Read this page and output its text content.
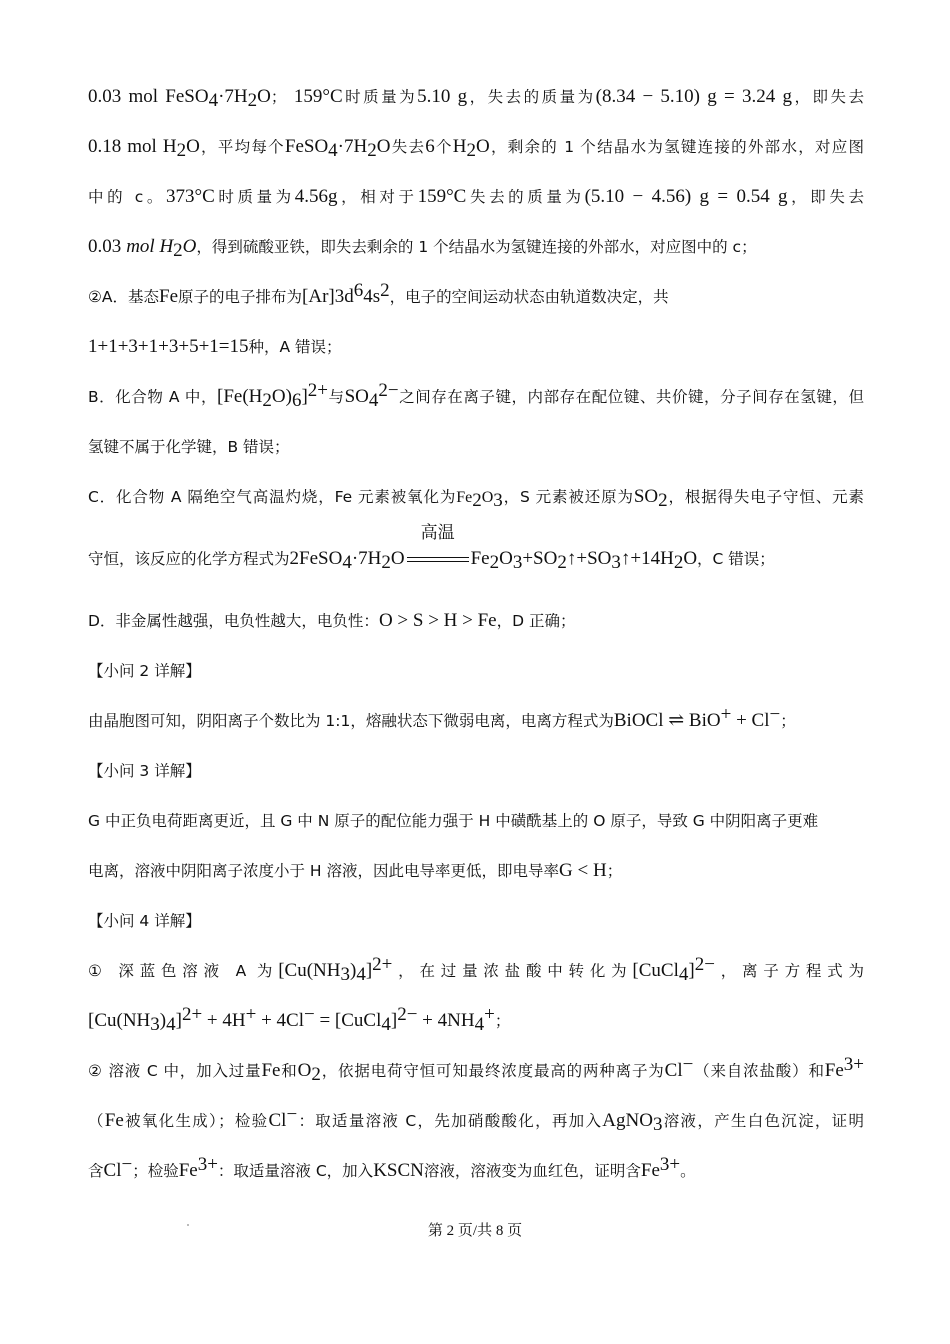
0.03 mol $FeSO_4\cdot 7H_2O$； 159°C时质量为5.10 g，失去的质量为(8.34 − 5.10) g = 3.24 g，即失去
0.18 mol $H_2O$，平均每个$FeSO_4\cdot 7H_2O$失去6个$H_2O$，剩余的 1 个结晶水为氢键连接的外部水，对应图
中的 c。373°C时质量为4.56g，相对于159°C失去的质量为(5.10 − 4.56) g = 0.54 g，即失去
0.03 mol $H_2O$，得到硫酸亚铁，即失去剩余的 1 个结晶水为氢键连接的外部水，对应图中的 c；
②A．基态Fe原子的电子排布为$[Ar]3d^64s^2$，电子的空间运动状态由轨道数决定，共
1+1+3+1+3+5+1=15种，A 错误；
B．化合物 A 中，$[Fe(H_2O)_6]^{2+}$与$SO_4^{2-}$之间存在离子键，内部存在配位键、共价键，分子间存在氢键，但
氢键不属于化学键，B 错误；
C．化合物 A 隔绝空气高温灼烧，Fe 元素被氧化为$Fe_2O_3$，S 元素被还原为$SO_2$，根据得失电子守恒、元素
守恒，该反应的化学方程式为$2FeSO_4\cdot 7H_2O$
高温
$Fe_2O_3+SO_2↑+SO_3↑+14H_2O$，C 错误；
D．非金属性越强，电负性越大，电负性：O > S > H > Fe，D 正确；
【小问 2 详解】
由晶胞图可知，阴阳离子个数比为 1:1，熔融状态下微弱电离，电离方程式为BiOCl ⇌ BiO+ + Cl−；
【小问 3 详解】
G 中正负电荷距离更近，且 G 中 N 原子的配位能力强于 H 中磺酰基上的 O 原子，导致 G 中阴阳离子更难
电离，溶液中阴阳离子浓度小于 H 溶液，因此电导率更低，即电导率G < H；
【小问 4 详解】
① 深蓝色溶液 A 为$[Cu(NH_3)_4]^{2+}$，在过量浓盐酸中转化为[CuCl$_4$]$^{2-}$，离子方程式为
$[Cu(NH_3)_4]^{2+} + 4H^+ + 4Cl^-$ = [CuCl$_4$]$^{2-}$ + $4NH_4^+$；
② 溶液 C 中，加入过量Fe和$O_2$，依据电荷守恒可知最终浓度最高的两种离子为Cl−（来自浓盐酸）和$Fe^{3+}$
（Fe被氧化生成）；检验Cl−：取适量溶液 C，先加硝酸酸化，再加入AgNO$_3$溶液，产生白色沉淀，证明
含Cl−；检验$Fe^{3+}$：取适量溶液 C，加入KSCN溶液，溶液变为血红色，证明含$Fe^{3+}$。
第 2 页/共 8 页
